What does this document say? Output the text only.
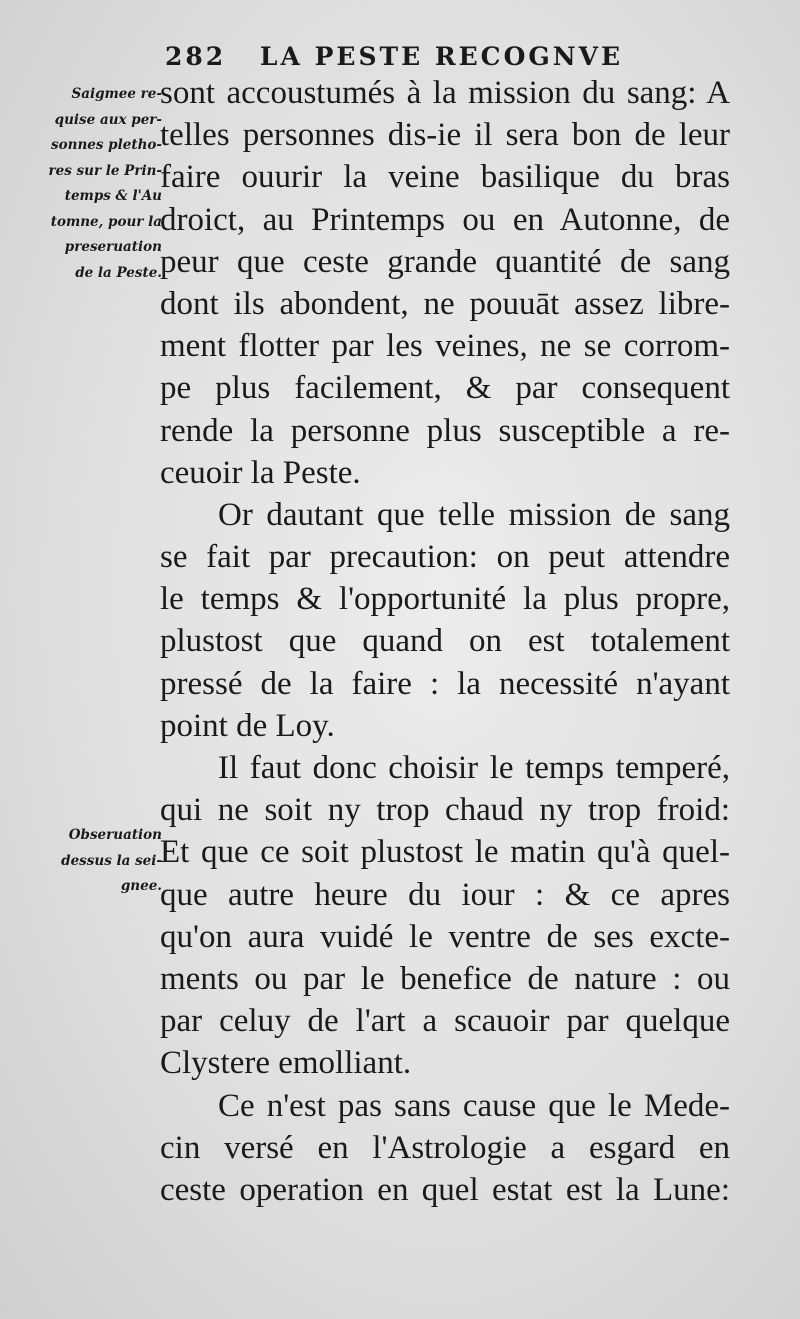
282 LA PESTE RECOGNVE
Saigmee re-
quise aux per-
sonnes pletho-
res sur le Prin-
temps & l'Au
tomne, pour la
preseruation
de la Peste.
Obseruation
dessus la sei-
gnee.
sont accoustumés à la mission du sang: A
telles personnes dis-ie il sera bon de leur
faire ouurir la veine basilique du bras
droict, au Printemps ou en Autonne, de
peur que ceste grande quantité de sang
dont ils abondent, ne pouuāt assez libre-
ment flotter par les veines, ne se corrom-
pe plus facilement, & par consequent
rende la personne plus susceptible a re-
ceuoir la Peste.
Or dautant que telle mission de sang
se fait par precaution: on peut attendre
le temps & l'opportunité la plus propre,
plustost que quand on est totalement
pressé de la faire : la necessité n'ayant
point de Loy.
Il faut donc choisir le temps temperé,
qui ne soit ny trop chaud ny trop froid:
Et que ce soit plustost le matin qu'à quel-
que autre heure du iour : & ce apres
qu'on aura vuidé le ventre de ses excte-
ments ou par le benefice de nature : ou
par celuy de l'art a scauoir par quelque
Clystere emolliant.
Ce n'est pas sans cause que le Mede-
cin versé en l'Astrologie a esgard en
ceste operation en quel estat est la Lune:
